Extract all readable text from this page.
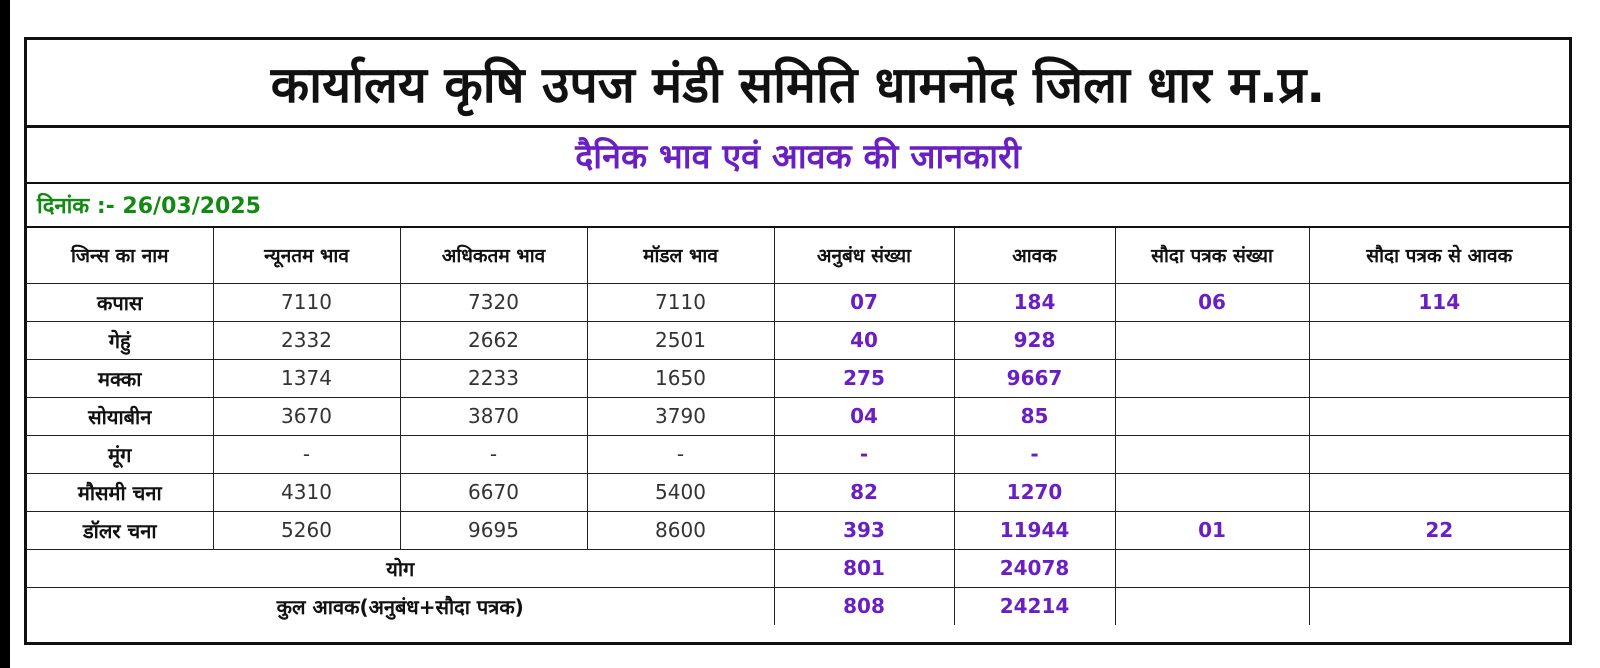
कार्यालय कृषि उपज मंडी समिति धामनोद जिला धार म.प्र.
दैनिक भाव एवं आवक की जानकारी
दिनांक :- 26/03/2025
जिन्स का नाम	न्यूनतम भाव	अधिकतम भाव	मॉडल भाव	अनुबंध संख्या	आवक	सौदा पत्रक संख्या	सौदा पत्रक से आवक
कपास	7110	7320	7110	07	184	06	114
गेहुं	2332	2662	2501	40	928		
मक्का	1374	2233	1650	275	9667		
सोयाबीन	3670	3870	3790	04	85		
मूंग	-	-	-	-	-		
मौसमी चना	4310	6670	5400	82	1270		
डॉलर चना	5260	9695	8600	393	11944	01	22
योग				801	24078		
कुल आवक(अनुबंध+सौदा पत्रक)				808	24214		
